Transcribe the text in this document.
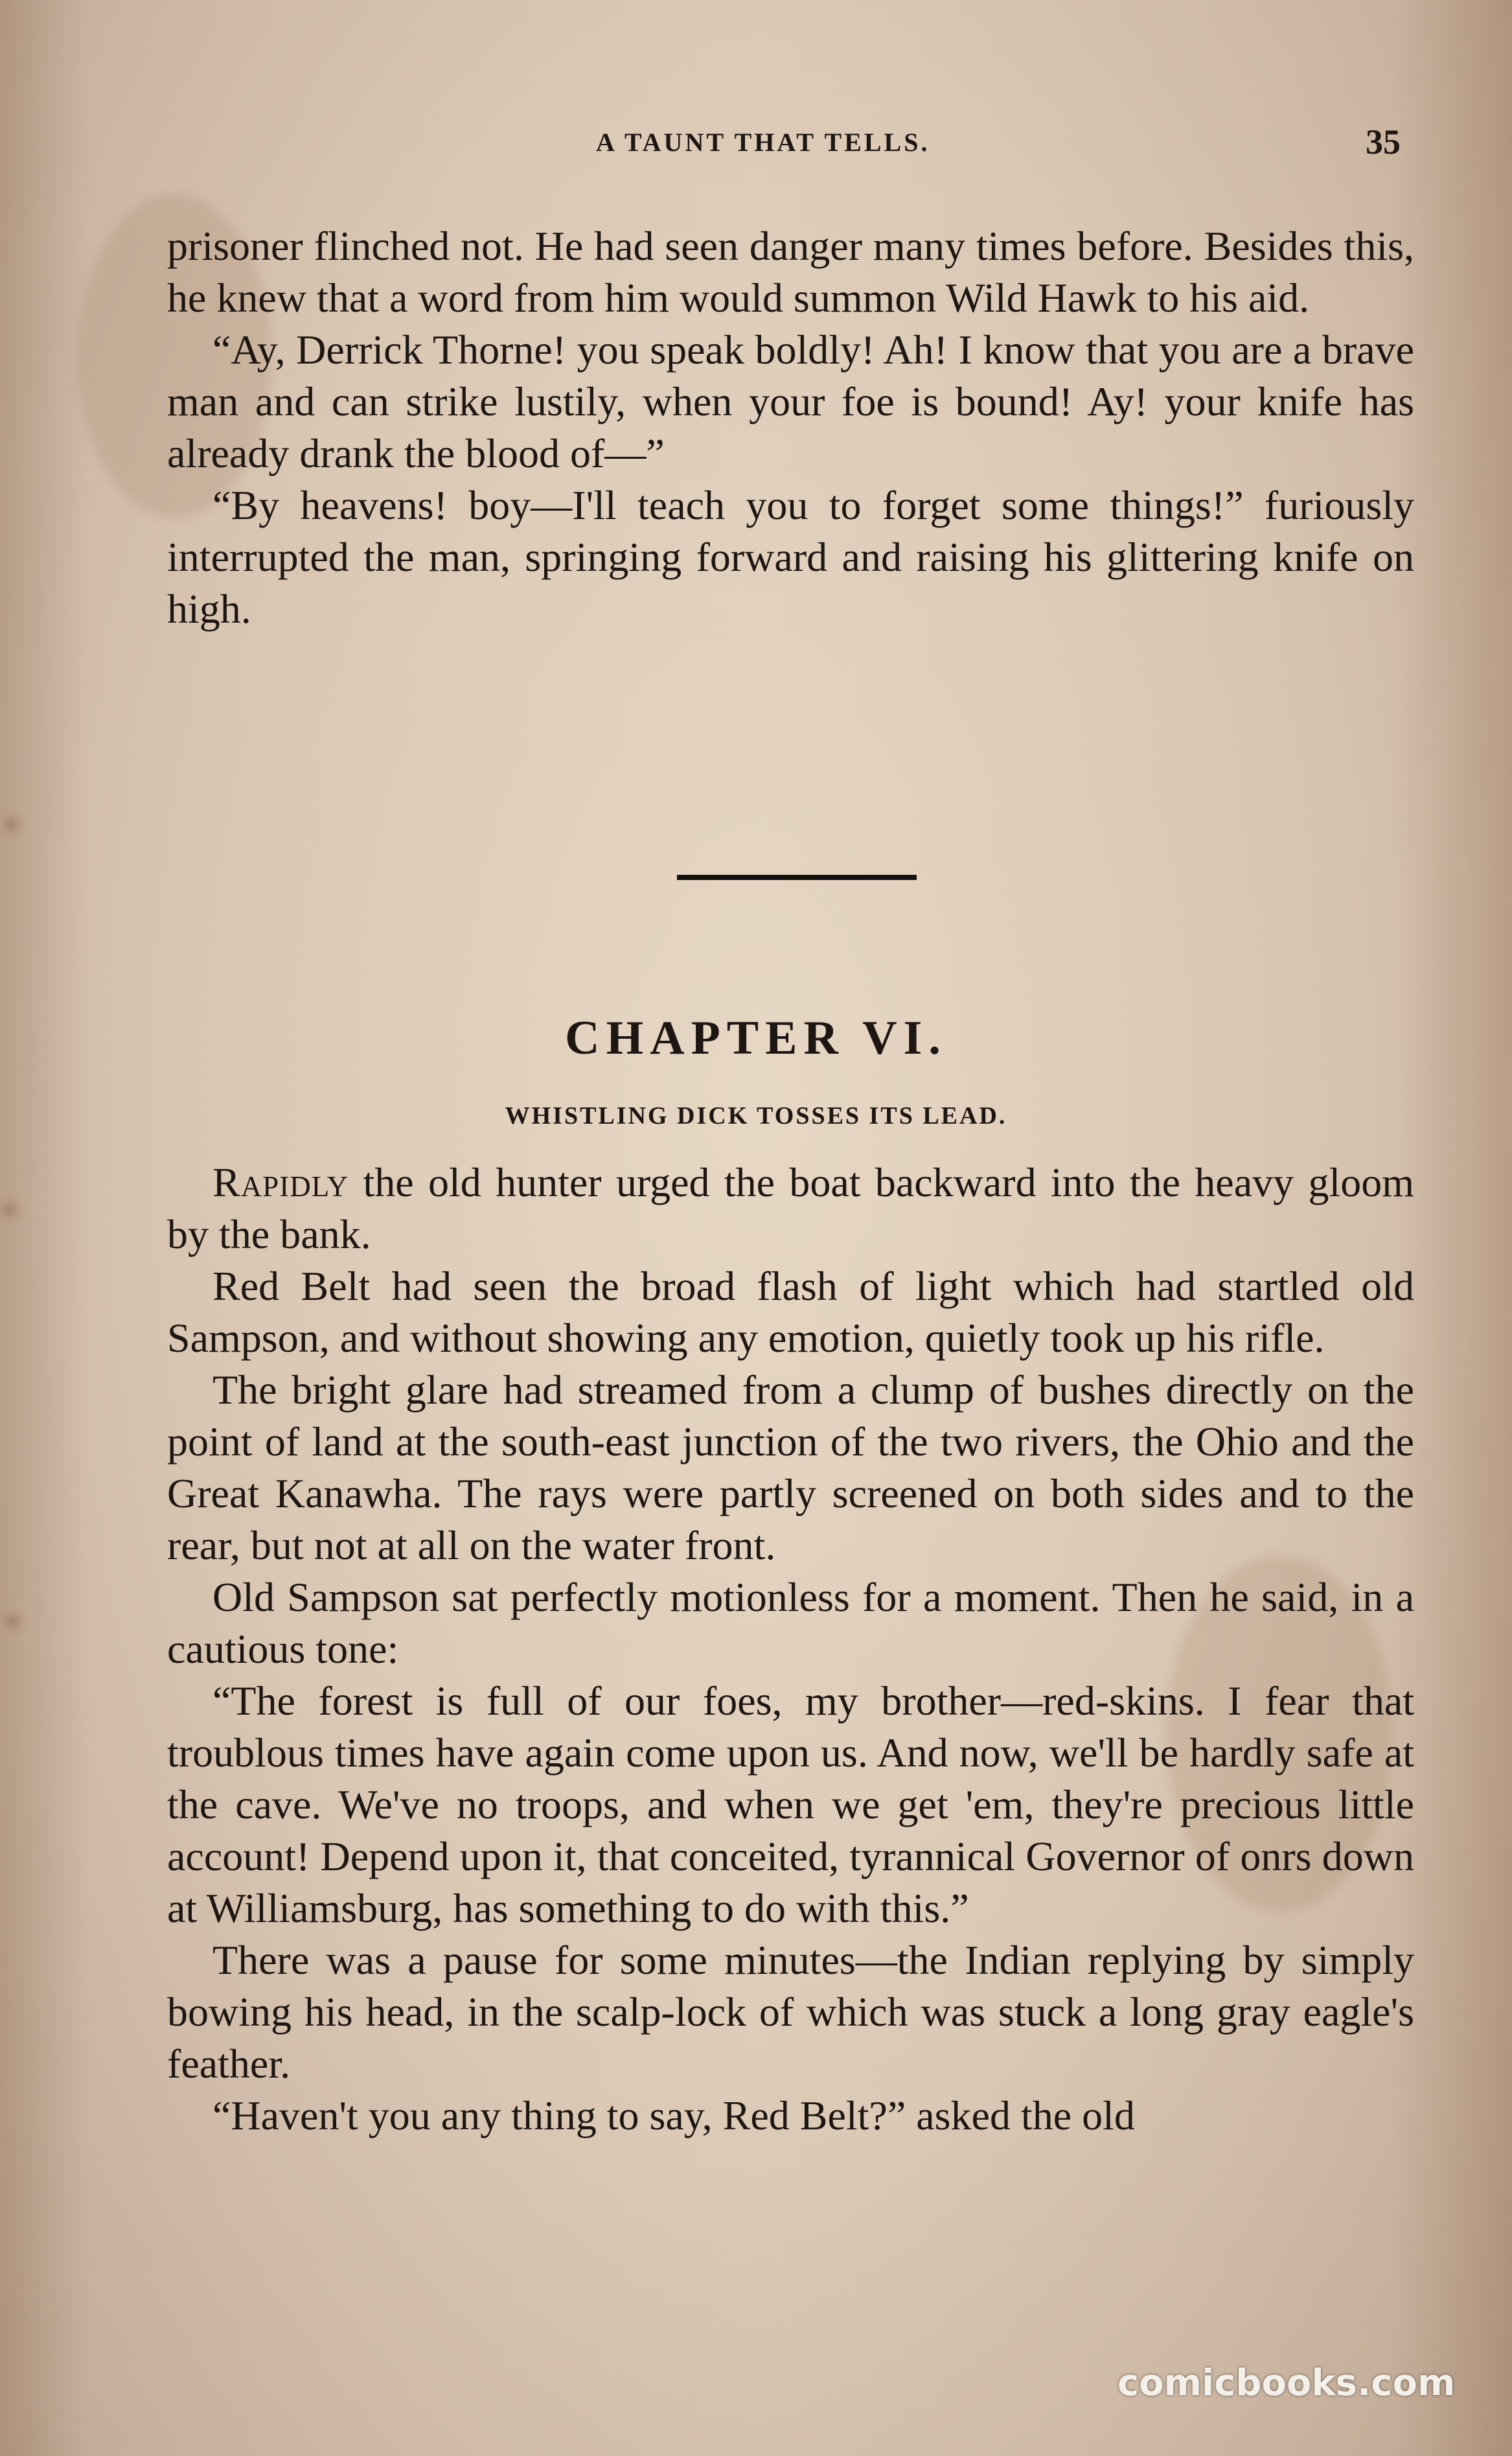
A TAUNT THAT TELLS.	35

prisoner flinched not. He had seen danger many times before. Besides this, he knew that a word from him would summon Wild Hawk to his aid.

“Ay, Derrick Thorne! you speak boldly! Ah! I know that you are a brave man and can strike lustily, when your foe is bound! Ay! your knife has already drank the blood of—”

“By heavens! boy—I'll teach you to forget some things!” furiously interrupted the man, springing forward and raising his glittering knife on high.

CHAPTER VI.
WHISTLING DICK TOSSES ITS LEAD.

Rapidly the old hunter urged the boat backward into the heavy gloom by the bank.

Red Belt had seen the broad flash of light which had startled old Sampson, and without showing any emotion, quietly took up his rifle.

The bright glare had streamed from a clump of bushes directly on the point of land at the south-east junction of the two rivers, the Ohio and the Great Kanawha. The rays were partly screened on both sides and to the rear, but not at all on the water front.

Old Sampson sat perfectly motionless for a moment. Then he said, in a cautious tone:

“The forest is full of our foes, my brother—red-skins. I fear that troublous times have again come upon us. And now, we'll be hardly safe at the cave. We've no troops, and when we get 'em, they're precious little account! Depend upon it, that conceited, tyrannical Governor of onrs down at Williamsburg, has something to do with this.”

There was a pause for some minutes—the Indian replying by simply bowing his head, in the scalp-lock of which was stuck a long gray eagle's feather.

“Haven't you any thing to say, Red Belt?” asked the old

comicbooks.com
